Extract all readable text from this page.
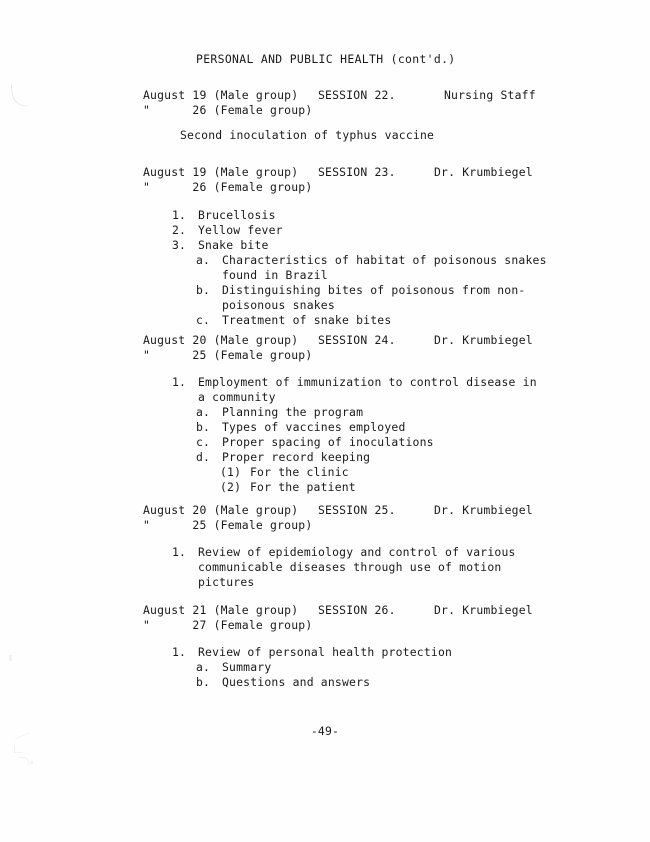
PERSONAL AND PUBLIC HEALTH (cont'd.)
August 19 (Male group) SESSION 22.	Nursing Staff
"      26 (Female group)
Second inoculation of typhus vaccine
August 19 (Male group) SESSION 23.	Dr. Krumbiegel
"      26 (Female group)
1. Brucellosis
2. Yellow fever
3. Snake bite
a. Characteristics of habitat of poisonous snakes
found in Brazil
b. Distinguishing bites of poisonous from non-
poisonous snakes
c. Treatment of snake bites
August 20 (Male group) SESSION 24.	Dr. Krumbiegel
"      25 (Female group)
1. Employment of immunization to control disease in
a community
a. Planning the program
b. Types of vaccines employed
c. Proper spacing of inoculations
d. Proper record keeping
(1) For the clinic
(2) For the patient
August 20 (Male group) SESSION 25.	Dr. Krumbiegel
"      25 (Female group)
1. Review of epidemiology and control of various
communicable diseases through use of motion
pictures
August 21 (Male group) SESSION 26.	Dr. Krumbiegel
"      27 (Female group)
1. Review of personal health protection
a. Summary
b. Questions and answers
-49-
